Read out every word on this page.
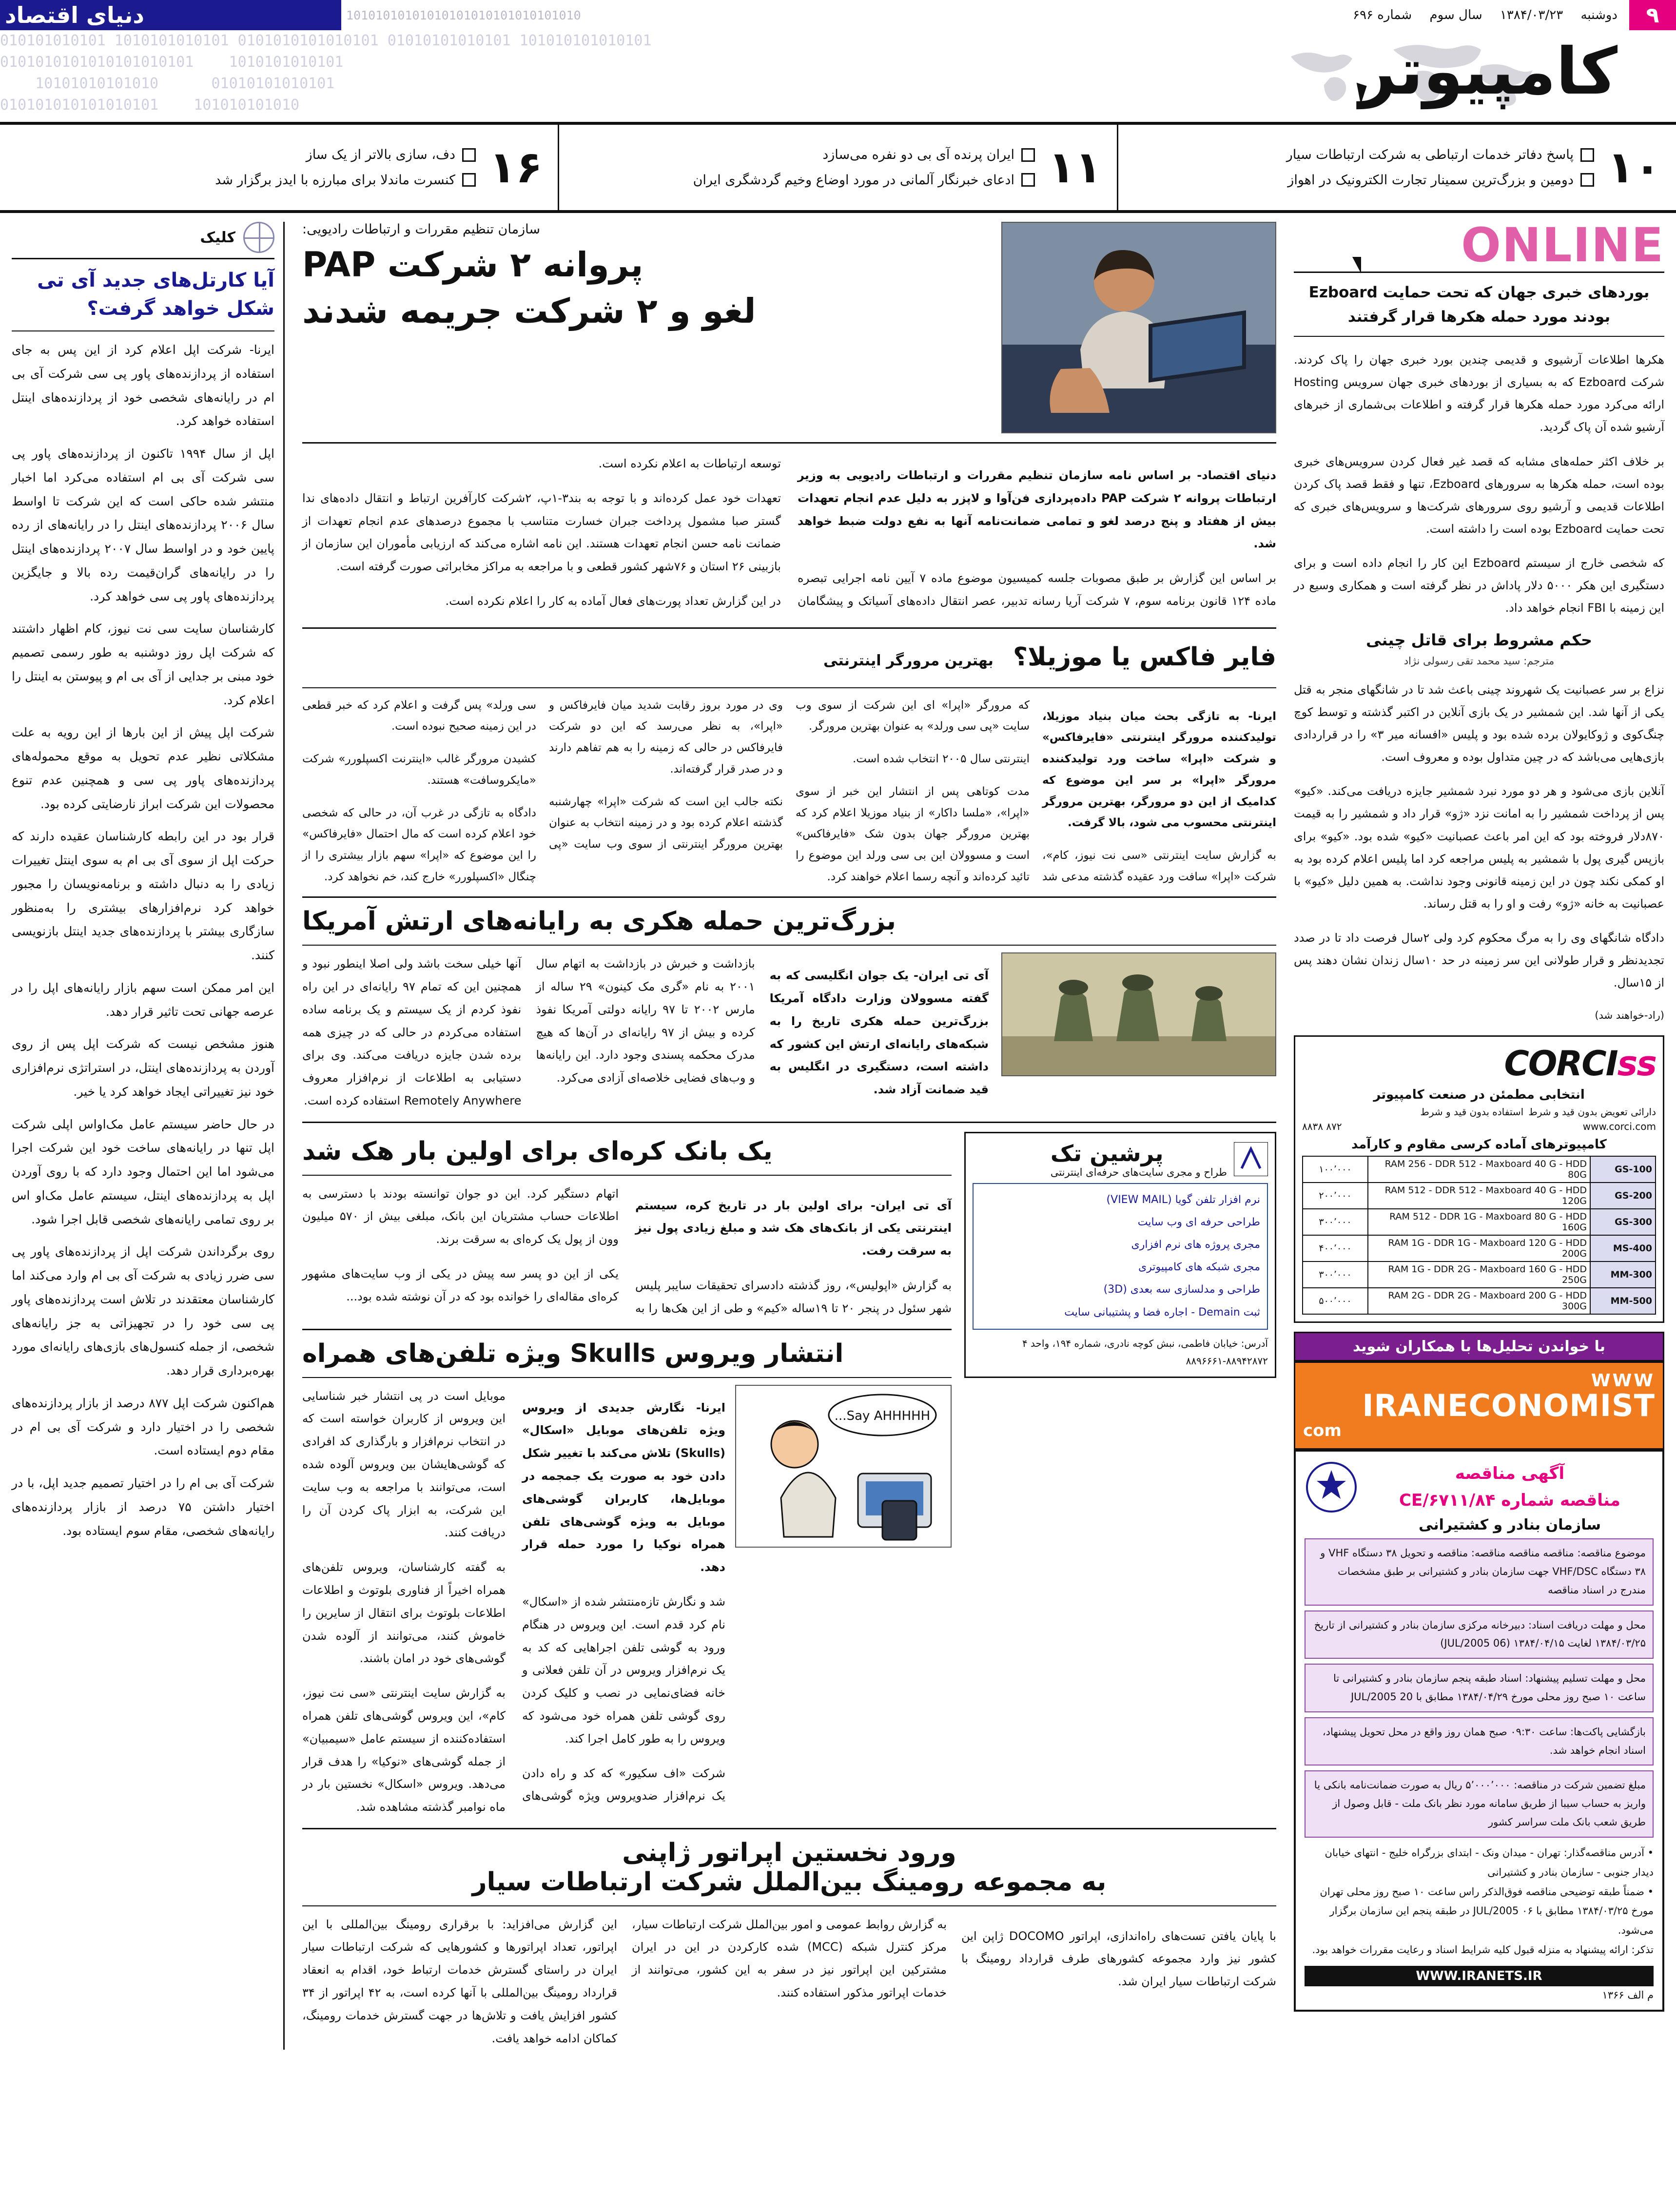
۹
دوشنبه ۱۳۸۴/۰۳/۲۳ سال سوم شماره ۶۹۶
10101010101010101010101010101010
دنیای اقتصاد
کامپیوتر
010101010101 1010101010101 0101010101010101 01010101010101 101010101010101
0101010101010101010101    1010101010101
10101010101010      01010101010101
010101010101010101    101010101010
۱۰
پاسخ دفاتر خدمات ارتباطی به شرکت ارتباطات سیار
دومین و بزرگ‌ترین سمینار تجارت الکترونیک در اهواز
۱۱
ایران پرنده آی بی دو نفره می‌سازد
ادعای خبرنگار آلمانی در مورد اوضاع وخیم گردشگری ایران
۱۶
دف، سازی بالاتر از یک ساز
کنسرت ماندلا برای مبارزه با ایدز برگزار شد
ONLINE
بوردهای خبری جهان که تحت حمایت Ezboard بودند مورد حمله هکرها قرار گرفتند

هکرها اطلاعات آرشیوی و قدیمی چندین بورد خبری جهان را پاک کردند. شرکت Ezboard که به بسیاری از بوردهای خبری جهان سرویس Hosting ارائه می‌کرد مورد حمله هکرها قرار گرفته و اطلاعات بی‌شماری از خبرهای آرشیو شده آن پاک گردید.

بر خلاف اکثر حمله‌های مشابه که قصد غیر فعال کردن سرویس‌های خبری بوده است، حمله هکرها به سرورهای Ezboard، تنها و فقط قصد پاک کردن اطلاعات قدیمی و آرشیو روی سرورهای شرکت‌ها و سرویس‌های خبری که تحت حمایت Ezboard بوده است را داشته است.

که شخصی خارج از سیستم Ezboard این کار را انجام داده است و برای دستگیری این هکر ۵۰۰۰ دلار پاداش در نظر گرفته است و همکاری وسیع در این زمینه با FBI انجام خواهد داد.

حکم مشروط برای قاتل چینی
مترجم: سید محمد تقی رسولی نژاد

نزاع بر سر عصبانیت یک شهروند چینی باعث شد تا در شانگهای منجر به قتل یکی از آنها شد. این شمشیر در یک بازی آنلاین در اکتبر گذشته و توسط کوچ چنگ‌کوی و ژوکایولان برده شده بود و پلیس «افسانه میر ۳» را در قراردادی بازی‌هایی می‌باشد که در چین متداول بوده و معروف است.

آنلاین بازی می‌شود و هر دو مورد نبرد شمشیر جایزه دریافت می‌کند. «کیو» پس از پرداخت شمشیر را به امانت نزد «ژو» قرار داد و شمشیر را به قیمت ۸۷۰دلار فروخته بود که این امر باعث عصبانیت «کیو» شده بود. «کیو» برای بازپس گیری پول با شمشیر به پلیس مراجعه کرد اما پلیس اعلام کرده بود به او کمکی نکند چون در این زمینه قانونی وجود نداشت. به همین دلیل «کیو» با عصبانیت به خانه «ژو» رفت و او را به قتل رساند.

دادگاه شانگهای وی را به مرگ محکوم کرد ولی ۲سال فرصت داد تا در صدد تجدیدنظر و قرار طولانی این سر زمینه در حد ۱۰سال زندان نشان دهند پس از ۱۵سال.

(راد-خواهند شد)

CORCIss
انتخابی مطمئن در صنعت کامپیوتر
دارائی تعویض بدون قید و شرط
استفاده بدون قید و شرط
www.corci.com
۸۷۲ ۸۸۳۸
کامپیوترهای آماده کرسی مقاوم و کارآمد
GS-100	RAM 256 - DDR 512 - Maxboard 40 G - HDD 80G	۱۰۰٬۰۰۰
GS-200	RAM 512 - DDR 512 - Maxboard 40 G - HDD 120G	۲۰۰٬۰۰۰
GS-300	RAM 512 - DDR 1G - Maxboard 80 G - HDD 160G	۳۰۰٬۰۰۰
MS-400	RAM 1G - DDR 1G - Maxboard 120 G - HDD 200G	۴۰۰٬۰۰۰
MM-300	RAM 1G - DDR 2G - Maxboard 160 G - HDD 250G	۳۰۰٬۰۰۰
MM-500	RAM 2G - DDR 2G - Maxboard 200 G - HDD 300G	۵۰۰٬۰۰۰
با خواندن تحلیل‌ها با همکاران شوید
WWW
IRANECONOMIST
com
آگهی مناقصه
مناقصه شماره ۸۴/CE/۶۷۱۱
سازمان بنادر و کشتیرانی
موضوع مناقصه: مناقصه مناقصه مناقصه: مناقصه و تحویل ۳۸ دستگاه VHF و ۳۸ دستگاه VHF/DSC جهت سازمان بنادر و کشتیرانی بر طبق مشخصات مندرج در اسناد مناقصه
محل و مهلت دریافت اسناد: دبیرخانه مرکزی سازمان بنادر و کشتیرانی از تاریخ ۱۳۸۴/۰۳/۲۵ لغایت ۱۳۸۴/۰۴/۱۵ (JUL/2005 06)
محل و مهلت تسلیم پیشنهاد: اسناد طبقه پنجم سازمان بنادر و کشتیرانی تا ساعت ۱۰ صبح روز محلی مورخ ۱۳۸۴/۰۴/۲۹ مطابق با JUL/2005 20
بازگشایی پاکت‌ها: ساعت ۰۹:۳۰ صبح همان روز واقع در محل تحویل پیشنهاد، اسناد انجام خواهد شد.
مبلغ تضمین شرکت در مناقصه: ۵٬۰۰۰٬۰۰۰ ریال به صورت ضمانت‌نامه بانکی یا واریز به حساب سیبا از طریق سامانه مورد نظر بانک ملت - قابل وصول از طریق شعب بانک ملت سراسر کشور
• آدرس مناقصه‌گذار: تهران - میدان ونک - ابتدای بزرگراه خلیج - انتهای خیابان دیدار جنوبی - سازمان بنادر و کشتیرانی
• ضمناً طبقه توضیحی مناقصه فوق‌الذکر راس ساعت ۱۰ صبح روز محلی تهران مورخ ۱۳۸۴/۰۳/۲۵ مطابق با ۰۶ JUL/2005 در طبقه پنجم این سازمان برگزار می‌شود.
تذکر: ارائه پیشنهاد به منزله قبول کلیه شرایط اسناد و رعایت مقررات خواهد بود.
WWW.IRANETS.IR
م الف ۱۳۶۶
سازمان تنظیم مقررات و ارتباطات رادیویی:
پروانه ۲ شرکت PAP
لغو و ۲ شرکت جریمه شدند

دنیای اقتصاد- بر اساس نامه سازمان تنظیم مقررات و ارتباطات رادیویی به وزیر ارتباطات پروانه ۲ شرکت PAP داده‌پردازی فن‌آوا و لاپزر به دلیل عدم انجام تعهدات بیش از هفتاد و پنج درصد لغو و تمامی ضمانت‌نامه آنها به نفع دولت ضبط خواهد شد.

بر اساس این گزارش بر طبق مصوبات جلسه کمیسیون موضوع ماده ۷ آیین نامه اجرایی تبصره ماده ۱۲۴ قانون برنامه سوم، ۷ شرکت آریا رسانه تدبیر، عصر انتقال داده‌های آسیاتک و پیشگامان توسعه ارتباطات به اعلام نکرده است.

تعهدات خود عمل کرده‌اند و با توجه به بند۳-۱پ، ۲شرکت کارآفرین ارتباط و انتقال داده‌های ندا گستر صبا مشمول پرداخت جبران خسارت متناسب با مجموع درصدهای عدم انجام تعهدات از ضمانت نامه حسن انجام تعهدات هستند. این نامه اشاره می‌کند که ارزیابی مأموران این سازمان از بازبینی ۲۶ استان و ۷۶شهر کشور قطعی و با مراجعه به مراکز مخابراتی صورت گرفته است.

در این گزارش تعداد پورت‌های فعال آماده به کار را اعلام نکرده است.

فایر فاکس یا موزیلا؟
بهترین مرورگر اینترنتی

ایرنا- به تازگی بحث میان بنیاد موزیلا، تولیدکننده مرورگر اینترنتی «فایرفاکس» و شرکت «اپرا» ساخت ورد تولیدکننده مرورگر «اپرا» بر سر این موضوع که کدامیک از این دو مرورگر، بهترین مرورگر اینترنتی محسوب می شود، بالا گرفت.

به گزارش سایت اینترنتی «سی نت نیوز، کام»، شرکت «اپرا» سافت ورد عقیده گذشته مدعی شد که مرورگر «اپرا» ای این شرکت از سوی وب سایت «پی سی ورلد» به عنوان بهترین مرورگر.

اینترنتی سال ۲۰۰۵ انتخاب شده است.

مدت کوتاهی پس از انتشار این خبر از سوی «اپرا»، «ملسا داکار» از بنیاد موزیلا اعلام کرد که بهترین مرورگر جهان بدون شک «فایرفاکس» است و مسوولان این بی سی ورلد این موضوع را تائید کرده‌اند و آنچه رسما اعلام خواهند کرد.

وی در مورد بروز رقابت شدید میان فایرفاکس و «اپرا»، به نظر می‌رسد که این دو شرکت فایرفاکس در حالی که زمینه را به هم تفاهم دارند و در صدر قرار گرفته‌اند.

نکته جالب این است که شرکت «اپرا» چهارشنبه گذشته اعلام کرده بود و در زمینه انتخاب به عنوان بهترین مرورگر اینترنتی از سوی وب سایت «پی سی ورلد» پس گرفت و اعلام کرد که خبر قطعی در این زمینه صحیح نبوده است.

کشیدن مرورگر غالب «اینترنت اکسپلورر» شرکت «مایکروسافت» هستند.

دادگاه به تازگی در غرب آن، در حالی که شخصی خود اعلام کرده است که مال احتمال «فایرفاکس» را این موضوع که «اپرا» سهم بازار بیشتری را از چنگال «اکسپلورر» خارج کند، خم نخواهد کرد.

بزرگ‌ترین حمله هکری به رایانه‌های ارتش آمریکا

آی تی ایران- یک جوان انگلیسی که به گفته مسوولان وزارت دادگاه آمریکا بزرگ‌ترین حمله هکری تاریخ را به شبکه‌های رایانه‌ای ارتش این کشور که داشته است، دستگیری در انگلیس به قید ضمانت آزاد شد.

بازداشت و خبرش در بازداشت به اتهام سال ۲۰۰۱ به نام «گری مک کینون» ۲۹ ساله از مارس ۲۰۰۲ تا ۹۷ رایانه دولتی آمریکا نفوذ کرده و بیش از ۹۷ رایانه‌ای در آن‌ها که هیچ مدرک محکمه پسندی وجود دارد. این رایانه‌ها و وب‌های فضایی خلاصه‌ای آزادی می‌کرد.

آنها خیلی سخت باشد ولی اصلا اینطور نبود و همچنین این که تمام ۹۷ رایانه‌ای در این راه نفوذ کردم از یک سیستم و یک برنامه ساده استفاده می‌کردم در حالی که در چیزی همه برده شدن جایزه دریافت می‌کند. وی برای دستیابی به اطلاعات از نرم‌افزار معروف Remotely Anywhere استفاده کرده است.

پرشین تک
طراح و مجری سایت‌های حرفه‌ای اینترنتی
نرم افزار تلفن گویا (VIEW MAIL)
طراحی حرفه ای وب سایت
مجری پروژه های نرم افزاری
مجری شبکه های کامپیوتری
طراحی و مدلسازی سه بعدی (3D)
ثبت Demain - اجاره فضا و پشتیبانی سایت
آدرس: خیابان فاطمی، نبش کوچه نادری، شماره ۱۹۴، واحد ۴
۸۸۹۶۶۶۱-۸۸۹۴۲۸۷۲
یک بانک کره‌ای برای اولین بار هک شد

آی تی ایران- برای اولین بار در تاریخ کره، سیستم اینترنتی یکی از بانک‌های هک شد و مبلغ زیادی پول نیز به سرقت رفت.

به گزارش «اپولیس»، روز گذشته دادسرای تحقیقات سایبر پلیس شهر سئول در پنجر ۲۰ تا ۱۹ساله «کیم» و طی از این هک‌ها را به اتهام دستگیر کرد. این دو جوان توانسته بودند با دسترسی به اطلاعات حساب مشتریان این بانک، مبلغی بیش از ۵۷۰ میلیون وون از پول یک کره‌ای به سرقت برند.

یکی از این دو پسر سه پیش در یکی از وب سایت‌های مشهور کره‌ای مقاله‌ای را خوانده بود که در آن نوشته شده بود...

انتشار ویروس Skulls ویژه تلفن‌های همراه
Say AHHHHH...

ایرنا- نگارش جدیدی از ویروس ویژه تلفن‌های موبایل «اسکال» (Skulls) تلاش می‌کند با تغییر شکل دادن خود به صورت یک جمجمه در موبایل‌ها، کاربران گوشی‌های موبایل به ویژه گوشی‌های تلفن همراه نوکیا را مورد حمله قرار دهد.

شد و نگارش تازه‌منتشر شده از «اسکال» نام کرد قدم است. این ویروس در هنگام ورود به گوشی تلفن اجراهایی که کد به یک نرم‌افزار ویروس در آن تلفن فعلانی و خانه فضای‌نمایی در نصب و کلیک کردن روی گوشی تلفن همراه خود می‌شود که ویروس را به طور کامل اجرا کند.

شرکت «اف سکیور» که کد و راه دادن یک نرم‌افزار ضدویروس ویژه گوشی‌های موبایل است در پی انتشار خبر شناسایی این ویروس از کاربران خواسته است که در انتخاب نرم‌افزار و بارگذاری کد افرادی که گوشی‌هایشان بین ویروس آلوده شده است، می‌توانند با مراجعه به وب سایت این شرکت، به ابزار پاک کردن آن را دریافت کنند.

به گفته کارشناسان، ویروس تلفن‌های همراه اخیراً از فناوری بلوتوث و اطلاعات اطلاعات بلوتوث برای انتقال از سایرین را خاموش کنند، می‌توانند از آلوده شدن گوشی‌های خود در امان باشند.

به گزارش سایت اینترنتی «سی نت نیوز، کام»، این ویروس گوشی‌های تلفن همراه استفاده‌کننده از سیستم عامل «سیمبیان» از جمله گوشی‌های «نوکیا» را هدف قرار می‌دهد. ویروس «اسکال» نخستین بار در ماه نوامبر گذشته مشاهده شد.

ورود نخستین اپراتور ژاپنی
به مجموعه رومینگ بین‌الملل شرکت ارتباطات سیار

با پایان یافتن تست‌های راه‌اندازی، اپراتور DOCOMO ژاپن این کشور نیز وارد مجموعه کشورهای طرف قرارداد رومینگ با شرکت ارتباطات سیار ایران شد.

به گزارش روابط عمومی و امور بین‌الملل شرکت ارتباطات سیار، مرکز کنترل شبکه (MCC) شده کارکردن در این در ایران مشترکین این اپراتور نیز در سفر به این کشور، می‌توانند از خدمات اپراتور مذکور استفاده کنند.

این گزارش می‌افزاید: با برقراری رومینگ بین‌المللی با این اپراتور، تعداد اپراتورها و کشورهایی که شرکت ارتباطات سیار ایران در راستای گسترش خدمات ارتباط خود، اقدام به انعقاد قرارداد رومینگ بین‌المللی با آنها کرده است، به ۴۲ اپراتور از ۳۴ کشور افزایش یافت و تلاش‌ها در جهت گسترش خدمات رومینگ، کماکان ادامه خواهد یافت.

کلیک
آیا کارتل‌های جدید آی تی شکل خواهد گرفت؟

ایرنا- شرکت اپل اعلام کرد از این پس به جای استفاده از پردازنده‌های پاور پی سی شرکت آی بی ام در رایانه‌های شخصی خود از پردازنده‌های اینتل استفاده خواهد کرد.

اپل از سال ۱۹۹۴ تاکنون از پردازنده‌های پاور پی سی شرکت آی بی ام استفاده می‌کرد اما اخبار منتشر شده حاکی است که این شرکت تا اواسط سال ۲۰۰۶ پردازنده‌های اینتل را در رایانه‌های از رده پایین خود و در اواسط سال ۲۰۰۷ پردازنده‌های اینتل را در رایانه‌های گران‌قیمت رده بالا و جایگزین پردازنده‌های پاور پی سی خواهد کرد.

کارشناسان سایت سی نت نیوز، کام اظهار داشتند که شرکت اپل روز دوشنبه به طور رسمی تصمیم خود مبنی بر جدایی از آی بی ام و پیوستن به اینتل را اعلام کرد.

شرکت اپل پیش از این بارها از این رویه به علت مشکلاتی نظیر عدم تحویل به موقع محموله‌های پردازنده‌های پاور پی سی و همچنین عدم تنوع محصولات این شرکت ابراز نارضایتی کرده بود.

قرار بود در این رابطه کارشناسان عقیده دارند که حرکت اپل از سوی آی بی ام به سوی اینتل تغییرات زیادی را به دنبال داشته و برنامه‌نویسان را مجبور خواهد کرد نرم‌افزارهای بیشتری را به‌منظور سازگاری بیشتر با پردازنده‌های جدید اینتل بازنویسی کنند.

این امر ممکن است سهم بازار رایانه‌های اپل را در عرصه جهانی تحت تاثیر قرار دهد.

هنوز مشخص نیست که شرکت اپل پس از روی آوردن به پردازنده‌های اینتل، در استراتژی نرم‌افزاری خود نیز تغییراتی ایجاد خواهد کرد یا خیر.

در حال حاضر سیستم عامل مک‌اواس اپلی شرکت اپل تنها در رایانه‌های ساخت خود این شرکت اجرا می‌شود اما این احتمال وجود دارد که با روی آوردن اپل به پردازنده‌های اینتل، سیستم عامل مک‌او اس بر روی تمامی رایانه‌های شخصی قابل اجرا شود.

روی برگرداندن شرکت اپل از پردازنده‌های پاور پی سی ضرر زیادی به شرکت آی بی ام وارد می‌کند اما کارشناسان معتقدند در تلاش است پردازنده‌های پاور پی سی خود را در تجهیزاتی به جز رایانه‌های شخصی، از جمله کنسول‌های بازی‌های رایانه‌ای مورد بهره‌برداری قرار دهد.

هم‌اکنون شرکت اپل ۸۷۷ درصد از بازار پردازنده‌های شخصی را در اختیار دارد و شرکت آی بی ام در مقام دوم ایستاده است.

شرکت آی بی ام را در اختیار تصمیم جدید اپل، با در اختیار داشتن ۷۵ درصد از بازار پردازنده‌های رایانه‌های شخصی، مقام سوم ایستاده بود.
